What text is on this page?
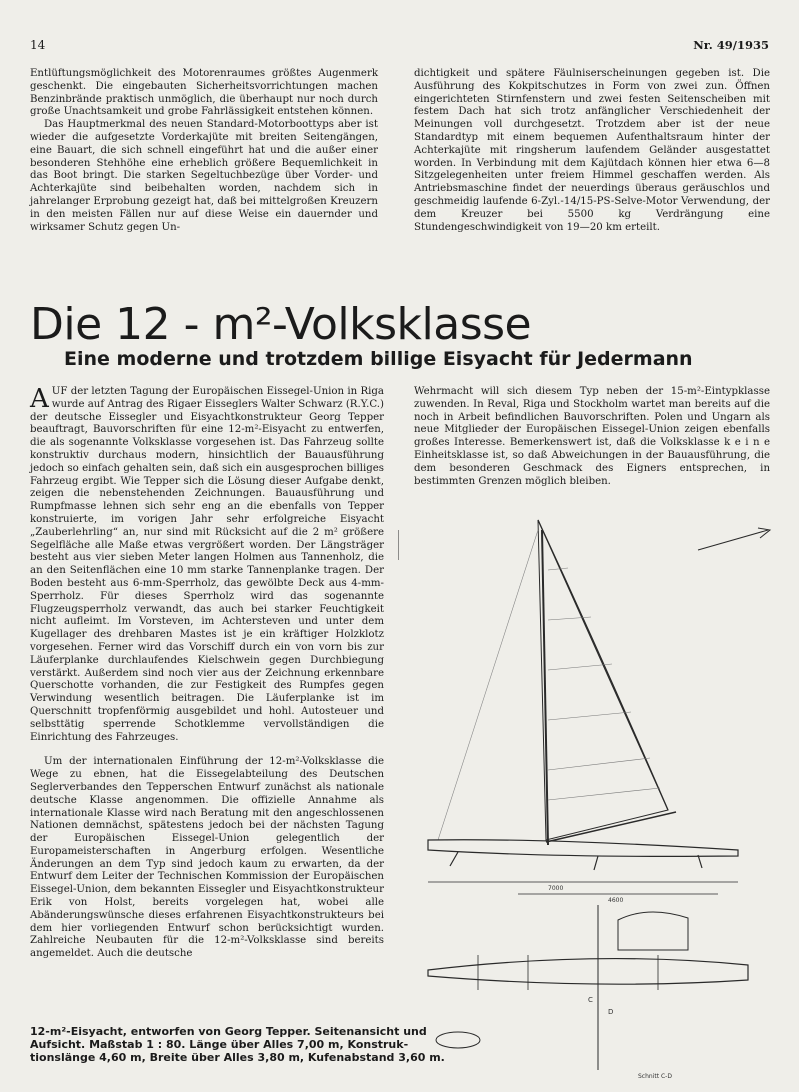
14	Nr. 49/1935

Entlüftungsmöglichkeit des Motorenraumes größtes Augenmerk geschenkt. Die eingebauten Sicherheitsvorrichtungen machen Benzinbrände praktisch unmöglich, die überhaupt nur noch durch große Unachtsamkeit und grobe Fahrlässigkeit entstehen können.

Das Hauptmerkmal des neuen Standard-Motorboottyps aber ist wieder die aufgesetzte Vorderkajüte mit breiten Seitengängen, eine Bauart, die sich schnell eingeführt hat und die außer einer besonderen Stehhöhe eine erheblich größere Bequemlichkeit in das Boot bringt. Die starken Segeltuchbezüge über Vorder- und Achterkajüte sind beibehalten worden, nachdem sich in jahrelanger Erprobung gezeigt hat, daß bei mittelgroßen Kreuzern in den meisten Fällen nur auf diese Weise ein dauernder und wirksamer Schutz gegen Un-

dichtigkeit und spätere Fäulniserscheinungen gegeben ist. Die Ausführung des Kokpitschutzes in Form von zwei zun. Öffnen eingerichteten Stirnfenstern und zwei festen Seitenscheiben mit festem Dach hat sich trotz anfänglicher Verschiedenheit der Meinungen voll durchgesetzt. Trotzdem aber ist der neue Standardtyp mit einem bequemen Aufenthaltsraum hinter der Achterkajüte mit ringsherum laufendem Geländer ausgestattet worden. In Verbindung mit dem Kajütdach können hier etwa 6—8 Sitzgelegenheiten unter freiem Himmel geschaffen werden. Als Antriebsmaschine findet der neuerdings überaus geräuschlos und geschmeidig laufende 6-Zyl.-14/15-PS-Selve-Motor Verwendung, der dem Kreuzer bei 5500 kg Verdrängung eine Stundengeschwindigkeit von 19—20 km erteilt.

Die 12 - m²-Volksklasse
Eine moderne und trotzdem billige Eisyacht für Jedermann

AUF der letzten Tagung der Europäischen Eissegel-Union in Riga wurde auf Antrag des Rigaer Eisseglers Walter Schwarz (R.Y.C.) der deutsche Eissegler und Eisyachtkonstrukteur Georg Tepper beauftragt, Bauvorschriften für eine 12-m²-Eisyacht zu entwerfen, die als sogenannte Volksklasse vorgesehen ist. Das Fahrzeug sollte konstruktiv durchaus modern, hinsichtlich der Bauausführung jedoch so einfach gehalten sein, daß sich ein ausgesprochen billiges Fahrzeug ergibt. Wie Tepper sich die Lösung dieser Aufgabe denkt, zeigen die nebenstehenden Zeichnungen. Bauausführung und Rumpfmasse lehnen sich sehr eng an die ebenfalls von Tepper konstruierte, im vorigen Jahr sehr erfolgreiche Eisyacht „Zauberlehrling“ an, nur sind mit Rücksicht auf die 2 m² größere Segelfläche alle Maße etwas vergrößert worden. Der Längsträger besteht aus vier sieben Meter langen Holmen aus Tannenholz, die an den Seitenflächen eine 10 mm starke Tannenplanke tragen. Der Boden besteht aus 6-mm-Sperrholz, das gewölbte Deck aus 4-mm-Sperrholz. Für dieses Sperrholz wird das sogenannte Flugzeugsperrholz verwandt, das auch bei starker Feuchtigkeit nicht aufleimt. Im Vorsteven, im Achtersteven und unter dem Kugellager des drehbaren Mastes ist je ein kräftiger Holzklotz vorgesehen. Ferner wird das Vorschiff durch ein von vorn bis zur Läuferplanke durchlaufendes Kielschwein gegen Durchbiegung verstärkt. Außerdem sind noch vier aus der Zeichnung erkennbare Querschotte vorhanden, die zur Festigkeit des Rumpfes gegen Verwindung wesentlich beitragen. Die Läuferplanke ist im Querschnitt tropfenförmig ausgebildet und hohl. Autosteuer und selbsttätig sperrende Schotklemme vervollständigen die Einrichtung des Fahrzeuges.

Um der internationalen Einführung der 12-m²-Volksklasse die Wege zu ebnen, hat die Eissegelabteilung des Deutschen Seglerverbandes den Tepperschen Entwurf zunächst als nationale deutsche Klasse angenommen. Die offizielle Annahme als internationale Klasse wird nach Beratung mit den angeschlossenen Nationen demnächst, spätestens jedoch bei der nächsten Tagung der Europäischen Eissegel-Union gelegentlich der Europameisterschaften in Angerburg erfolgen. Wesentliche Änderungen an dem Typ sind jedoch kaum zu erwarten, da der Entwurf dem Leiter der Technischen Kommission der Europäischen Eissegel-Union, dem bekannten Eissegler und Eisyachtkonstrukteur Erik von Holst, bereits vorgelegen hat, wobei alle Abänderungswünsche dieses erfahrenen Eisyachtkonstrukteurs bei dem hier vorliegenden Entwurf schon berücksichtigt wurden. Zahlreiche Neubauten für die 12-m²-Volksklasse sind bereits angemeldet. Auch die deutsche

Wehrmacht will sich diesem Typ neben der 15-m²-Eintypklasse zuwenden. In Reval, Riga und Stockholm wartet man bereits auf die noch in Arbeit befindlichen Bauvorschriften. Polen und Ungarn als neue Mitglieder der Europäischen Eissegel-Union zeigen ebenfalls großes Interesse. Bemerkenswert ist, daß die Volksklasse k e i n e Einheitsklasse ist, so daß Abweichungen in der Bauausführung, die dem besonderen Geschmack des Eigners entsprechen, in bestimmten Grenzen möglich bleiben.

7000
4600
C
D
Schnitt C-D
12-m²-Eisyacht, entworfen von Georg Tepper. Seitenansicht und
Aufsicht. Maßstab 1 : 80. Länge über Alles 7,00 m, Konstruk-
tionslänge 4,60 m, Breite über Alles 3,80 m, Kufenabstand 3,60 m.
